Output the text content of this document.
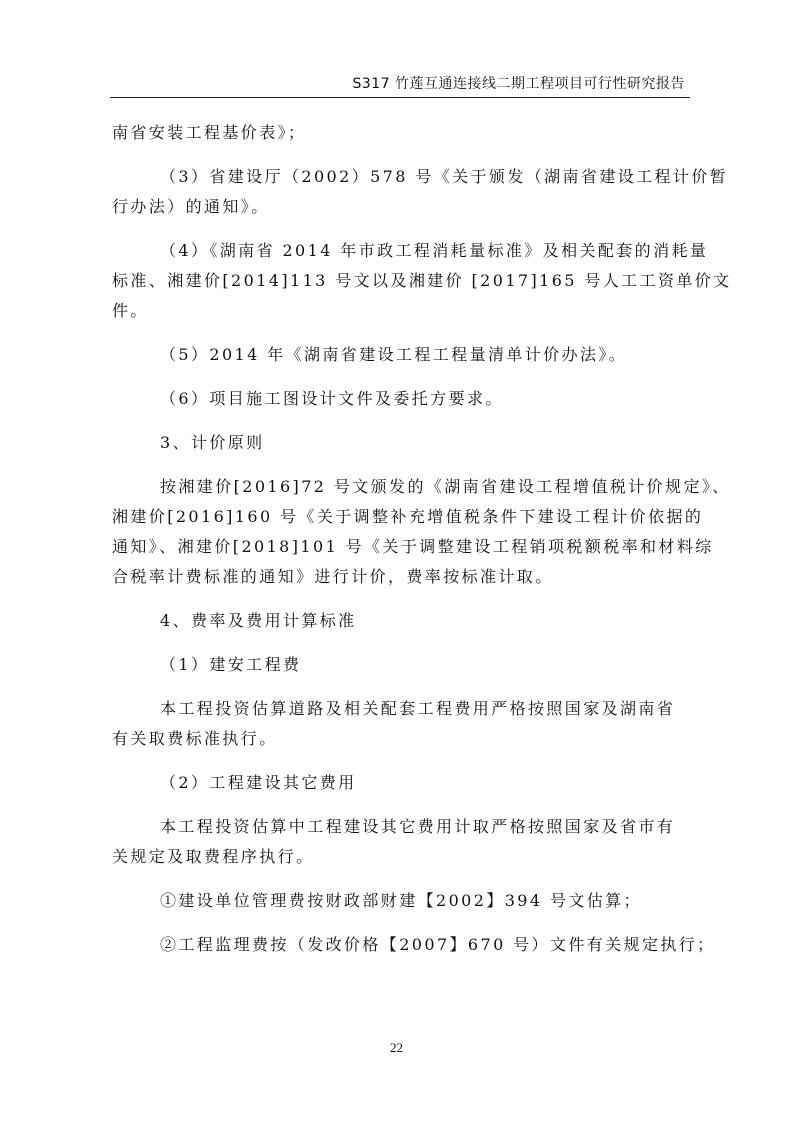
S317 竹莲互通连接线二期工程项目可行性研究报告
南省安装工程基价表》；
（3）省建设厅（2002）578 号《关于颁发（湖南省建设工程计价暂
行办法）的通知》。
（4）《湖南省 2014 年市政工程消耗量标准》及相关配套的消耗量
标准、湘建价[2014]113 号文以及湘建价 [2017]165 号人工工资单价文
件。
（5）2014 年《湖南省建设工程工程量清单计价办法》。
（6）项目施工图设计文件及委托方要求。
3、计价原则
按湘建价[2016]72 号文颁发的《湖南省建设工程增值税计价规定》、
湘建价[2016]160 号《关于调整补充增值税条件下建设工程计价依据的
通知》、湘建价[2018]101 号《关于调整建设工程销项税额税率和材料综
合税率计费标准的通知》进行计价，费率按标准计取。
4、费率及费用计算标准
（1）建安工程费
本工程投资估算道路及相关配套工程费用严格按照国家及湖南省
有关取费标准执行。
（2）工程建设其它费用
本工程投资估算中工程建设其它费用计取严格按照国家及省市有
关规定及取费程序执行。
①建设单位管理费按财政部财建【2002】394 号文估算；
②工程监理费按（发改价格【2007】670 号）文件有关规定执行；
22
